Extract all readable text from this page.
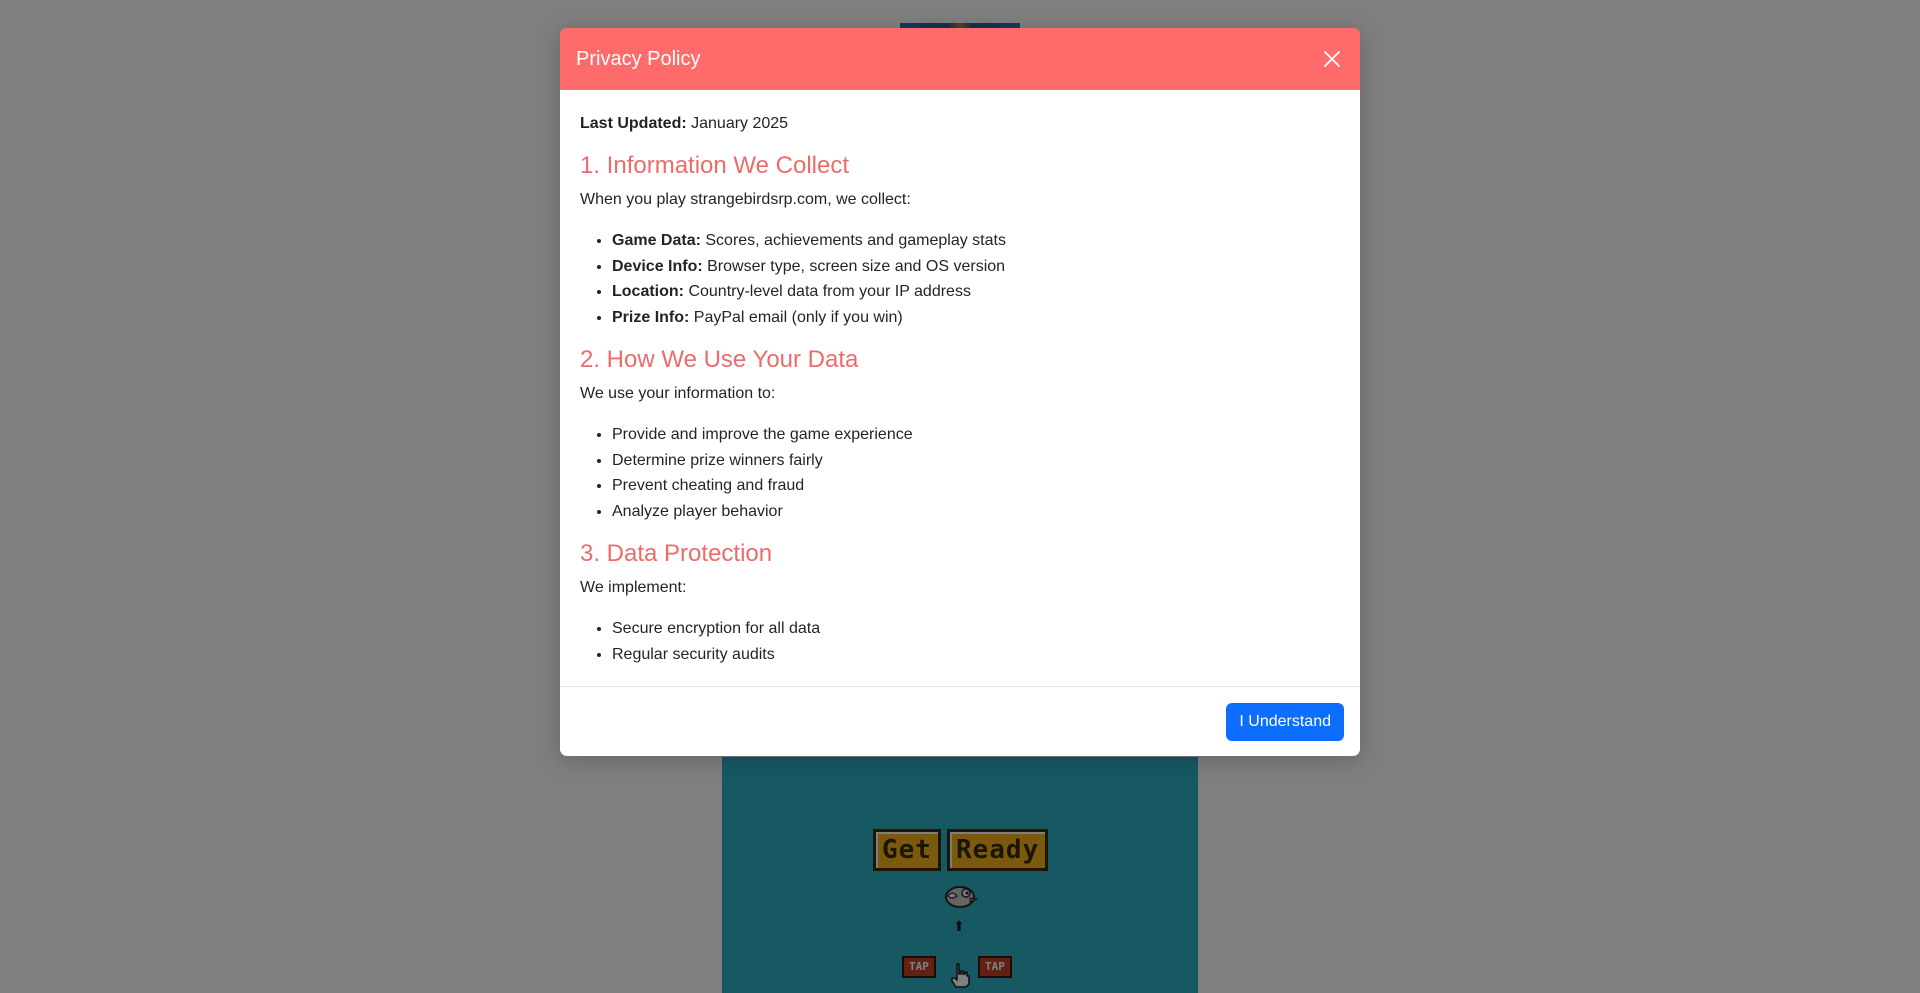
Privacy Policy

Last Updated: January 2025

1. Information We Collect

When you play strangebirdsrp.com, we collect:

• Game Data: Scores, achievements and gameplay stats
• Device Info: Browser type, screen size and OS version
• Location: Country-level data from your IP address
• Prize Info: PayPal email (only if you win)
2. How We Use Your Data

We use your information to:

• Provide and improve the game experience
• Determine prize winners fairly
• Prevent cheating and fraud
• Analyze player behavior
3. Data Protection

We implement:

• Secure encryption for all data
• Regular security audits
I Understand
